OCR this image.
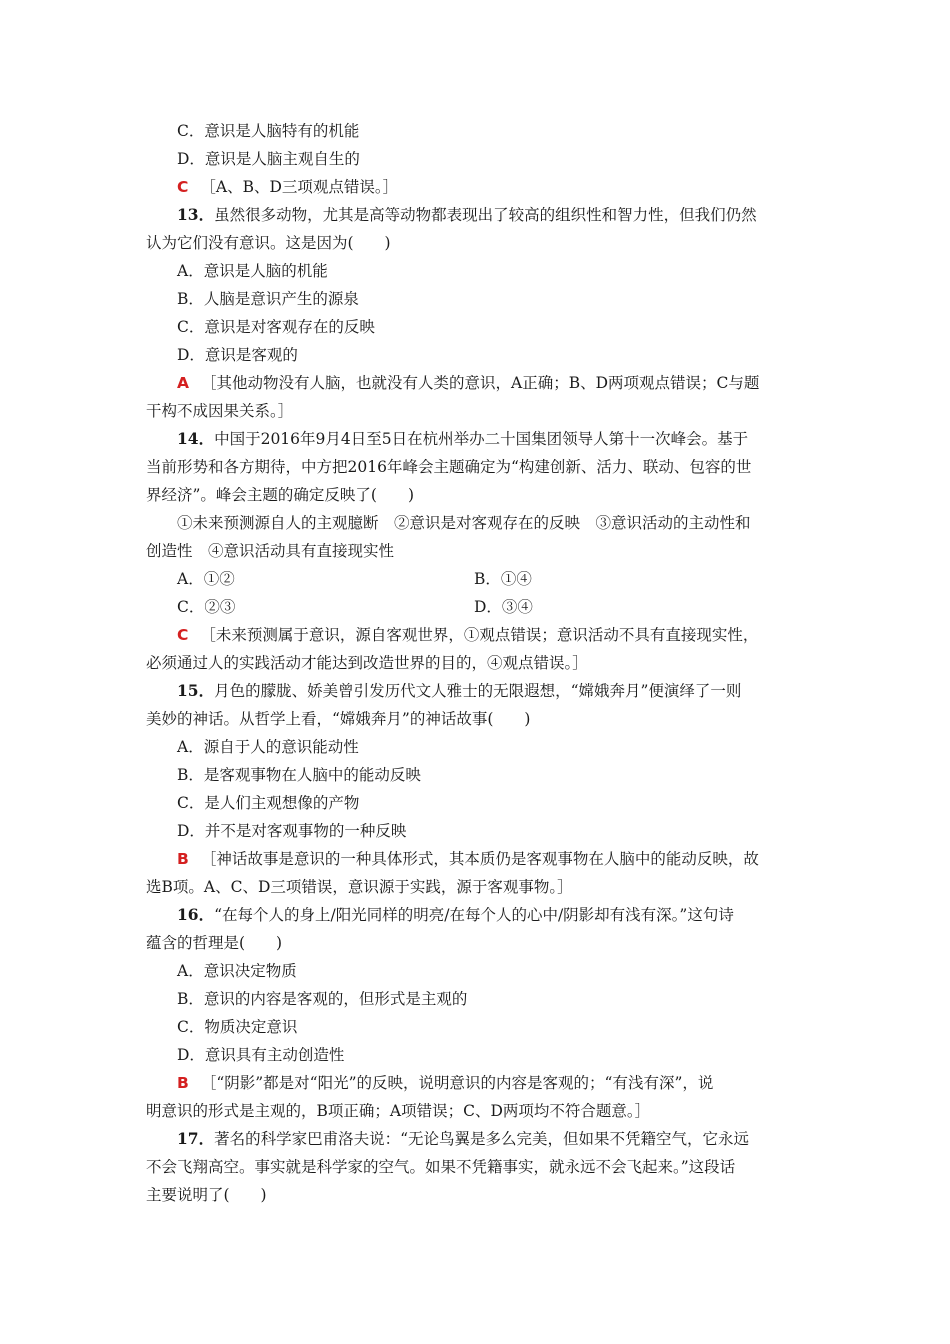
C．意识是人脑特有的机能
D．意识是人脑主观自生的
C ［A、B、D三项观点错误。］
13．虽然很多动物，尤其是高等动物都表现出了较高的组织性和智力性，但我们仍然
认为它们没有意识。这是因为(　　)
A．意识是人脑的机能
B．人脑是意识产生的源泉
C．意识是对客观存在的反映
D．意识是客观的
A ［其他动物没有人脑，也就没有人类的意识，A正确；B、D两项观点错误；C与题
干构不成因果关系。］
14．中国于2016年9月4日至5日在杭州举办二十国集团领导人第十一次峰会。基于
当前形势和各方期待，中方把2016年峰会主题确定为“构建创新、活力、联动、包容的世
界经济”。峰会主题的确定反映了(　　)
①未来预测源自人的主观臆断　②意识是对客观存在的反映　③意识活动的主动性和
创造性　④意识活动具有直接现实性
A．①②	B．①④
C．②③	D．③④
C ［未来预测属于意识，源自客观世界，①观点错误；意识活动不具有直接现实性，
必须通过人的实践活动才能达到改造世界的目的，④观点错误。］
15．月色的朦胧、娇美曾引发历代文人雅士的无限遐想，“嫦娥奔月”便演绎了一则
美妙的神话。从哲学上看，“嫦娥奔月”的神话故事(　　)
A．源自于人的意识能动性
B．是客观事物在人脑中的能动反映
C．是人们主观想像的产物
D．并不是对客观事物的一种反映
B ［神话故事是意识的一种具体形式，其本质仍是客观事物在人脑中的能动反映，故
选B项。A、C、D三项错误，意识源于实践，源于客观事物。］
16．“在每个人的身上/阳光同样的明亮/在每个人的心中/阴影却有浅有深。”这句诗
蕴含的哲理是(　　)
A．意识决定物质
B．意识的内容是客观的，但形式是主观的
C．物质决定意识
D．意识具有主动创造性
B ［“阴影”都是对“阳光”的反映，说明意识的内容是客观的；“有浅有深”，说
明意识的形式是主观的，B项正确；A项错误；C、D两项均不符合题意。］
17．著名的科学家巴甫洛夫说：“无论鸟翼是多么完美，但如果不凭籍空气，它永远
不会飞翔高空。事实就是科学家的空气。如果不凭籍事实，就永远不会飞起来。”这段话
主要说明了(　　)
